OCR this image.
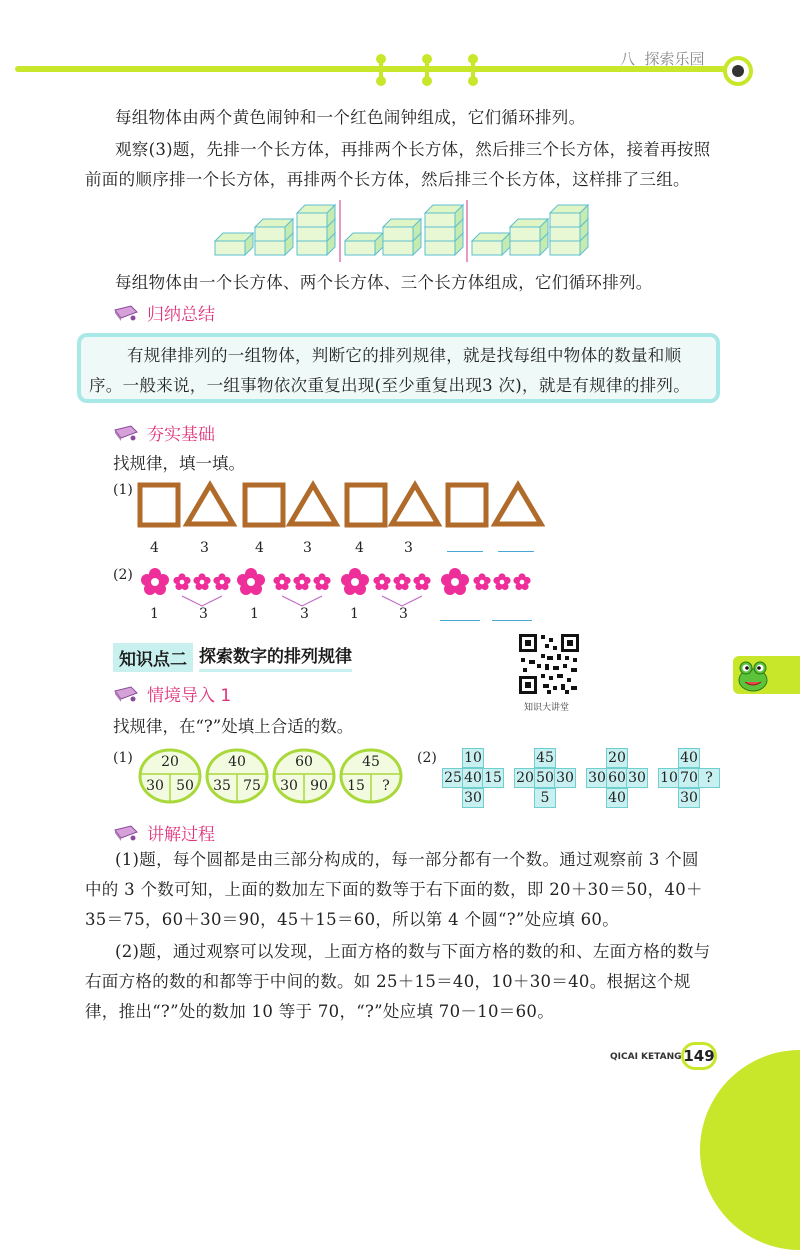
八  探索乐园
每组物体由两个黄色闹钟和一个红色闹钟组成，它们循环排列。
观察(3)题，先排一个长方体，再排两个长方体，然后排三个长方体，接着再按照前面的顺序排一个长方体，再排两个长方体，然后排三个长方体，这样排了三组。
每组物体由一个长方体、两个长方体、三个长方体组成，它们循环排列。
归纳总结
有规律排列的一组物体，判断它的排列规律，就是找每组中物体的数量和顺序。一般来说，一组事物依次重复出现(至少重复出现3 次)，就是有规律的排列。
夯实基础
找规律，填一填。
(1)
4	3	4	3	4	3
(2)
1	3	1	3	1	3
知识点二 探索数字的排列规律
知识大讲堂
情境导入 1
找规律，在“?”处填上合适的数。
(1)	20
30 50
40
35 75
60
30 90
45
15	?
(2) 10
25 40 15
30
45
20 50 30
5
20
30 60 30
40
40
10 70 ?
30
讲解过程
(1)题，每个圆都是由三部分构成的，每一部分都有一个数。通过观察前 3 个圆中的 3 个数可知，上面的数加左下面的数等于右下面的数，即 20＋30＝50，40＋35＝75，60＋30＝90，45＋15＝60，所以第 4 个圆“?”处应填 60。
(2)题，通过观察可以发现，上面方格的数与下面方格的数的和、左面方格的数与右面方格的数的和都等于中间的数。如 25＋15＝40，10＋30＝40。根据这个规律，推出“?”处的数加 10 等于 70，“?”处应填 70－10＝60。
QICAI KETANG 149
